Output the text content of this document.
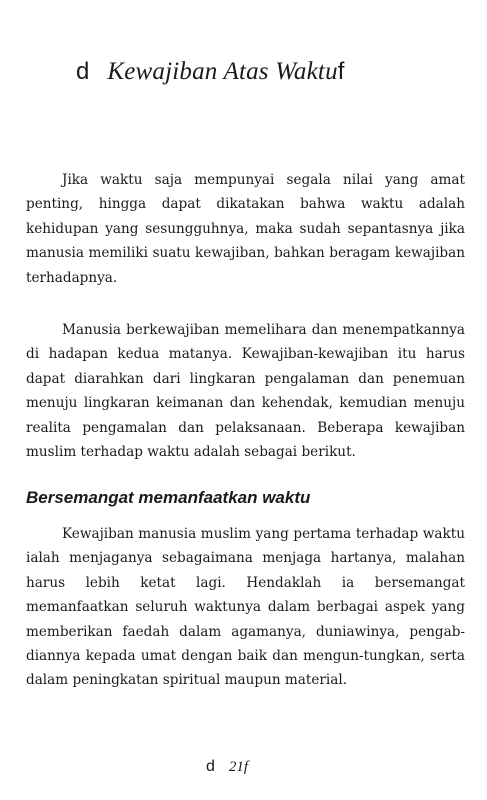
d Kewajiban Atas Waktuf

Jika waktu saja mempunyai segala nilai yang amat penting, hingga dapat dikatakan bahwa waktu adalah kehidupan yang sesungguhnya, maka sudah sepantasnya jika manusia memiliki suatu kewajiban, bahkan beragam kewajiban terhadapnya.

Manusia berkewajiban memelihara dan menempatkannya di hadapan kedua matanya. Kewajiban-kewajiban itu harus dapat diarahkan dari lingkaran pengalaman dan penemuan menuju lingkaran keimanan dan kehendak, kemudian menuju realita pengamalan dan pelaksanaan. Beberapa kewajiban muslim terhadap waktu adalah sebagai berikut.

Bersemangat memanfaatkan waktu

Kewajiban manusia muslim yang pertama terhadap waktu ialah menjaganya sebagaimana menjaga hartanya, malahan harus lebih ketat lagi. Hendaklah ia bersemangat memanfaatkan seluruh waktunya dalam berbagai aspek yang memberikan faedah dalam agamanya, duniawinya, pengab-diannya kepada umat dengan baik dan mengun-tungkan, serta dalam peningkatan spiritual maupun material.

d 21f
